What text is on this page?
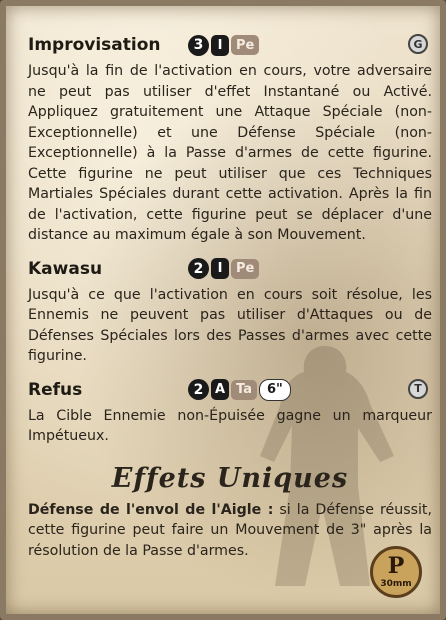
Improvisation	3	I	Pe	G
Jusqu'à la fin de l'activation en cours, votre adversaire ne peut pas utiliser d'effet Instantané ou Activé. Appliquez gratuitement une Attaque Spéciale (non-Exceptionnelle) et une Défense Spéciale (non-Exceptionnelle) à la Passe d'armes de cette figurine. Cette figurine ne peut utiliser que ces Techniques Martiales Spéciales durant cette activation. Après la fin de l'activation, cette figurine peut se déplacer d'une distance au maximum égale à son Mouvement.
Kawasu	2	I	Pe
Jusqu'à ce que l'activation en cours soit résolue, les Ennemis ne peuvent pas utiliser d'Attaques ou de Défenses Spéciales lors des Passes d'armes avec cette figurine.
Refus	2 A Ta	6"	T
La Cible Ennemie non-Épuisée gagne un marqueur Impétueux.
Effets Uniques
Défense de l'envol de l'Aigle : si la Défense réussit, cette figurine peut faire un Mouvement de 3" après la résolution de la Passe d'armes.
P
30mm
